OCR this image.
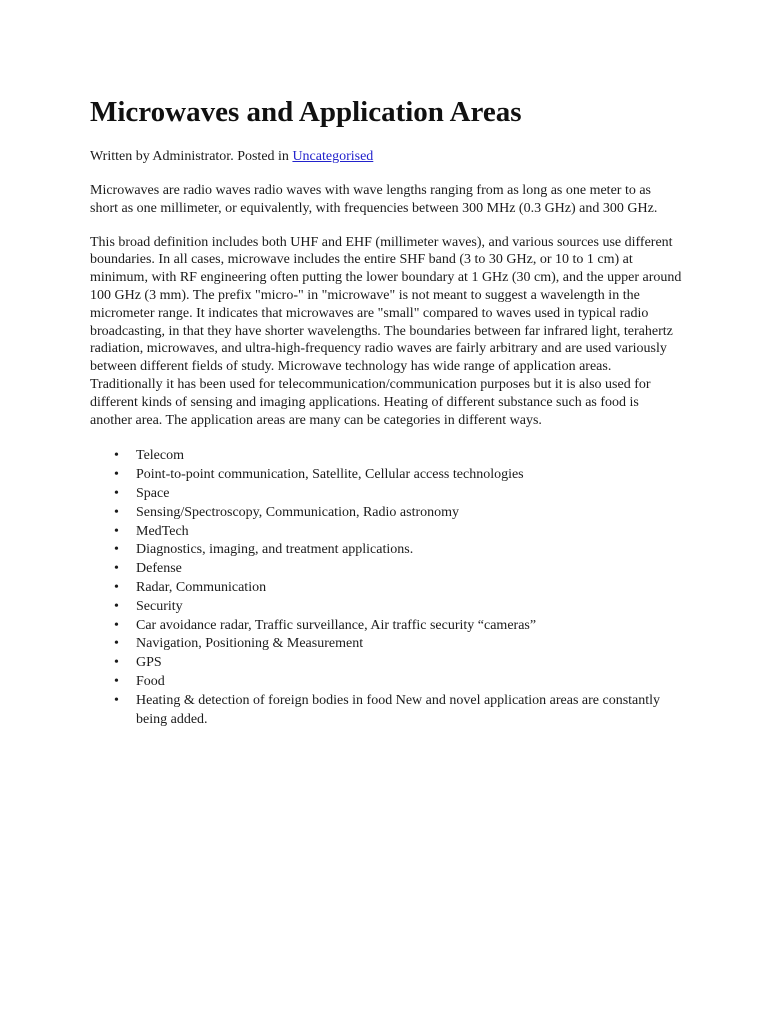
Microwaves and Application Areas
Written by Administrator. Posted in Uncategorised

Microwaves are radio waves radio waves with wave lengths ranging from as long as one meter to as short as one millimeter, or equivalently, with frequencies between 300 MHz (0.3 GHz) and 300 GHz.

This broad definition includes both UHF and EHF (millimeter waves), and various sources use different boundaries. In all cases, microwave includes the entire SHF band (3 to 30 GHz, or 10 to 1 cm) at minimum, with RF engineering often putting the lower boundary at 1 GHz (30 cm), and the upper around 100 GHz (3 mm). The prefix "micro-" in "microwave" is not meant to suggest a wavelength in the micrometer range. It indicates that microwaves are "small" compared to waves used in typical radio broadcasting, in that they have shorter wavelengths. The boundaries between far infrared light, terahertz radiation, microwaves, and ultra-high-frequency radio waves are fairly arbitrary and are used variously between different fields of study. Microwave technology has wide range of application areas. Traditionally it has been used for telecommunication/communication purposes but it is also used for different kinds of sensing and imaging applications. Heating of different substance such as food is another area. The application areas are many can be categories in different ways.

• Telecom
• Point-to-point communication, Satellite, Cellular access technologies
• Space
• Sensing/Spectroscopy, Communication, Radio astronomy
• MedTech
• Diagnostics, imaging, and treatment applications.
• Defense
• Radar, Communication
• Security
• Car avoidance radar, Traffic surveillance, Air traffic security “cameras”
• Navigation, Positioning & Measurement
• GPS
• Food
• Heating & detection of foreign bodies in food New and novel application areas are constantly being added.
